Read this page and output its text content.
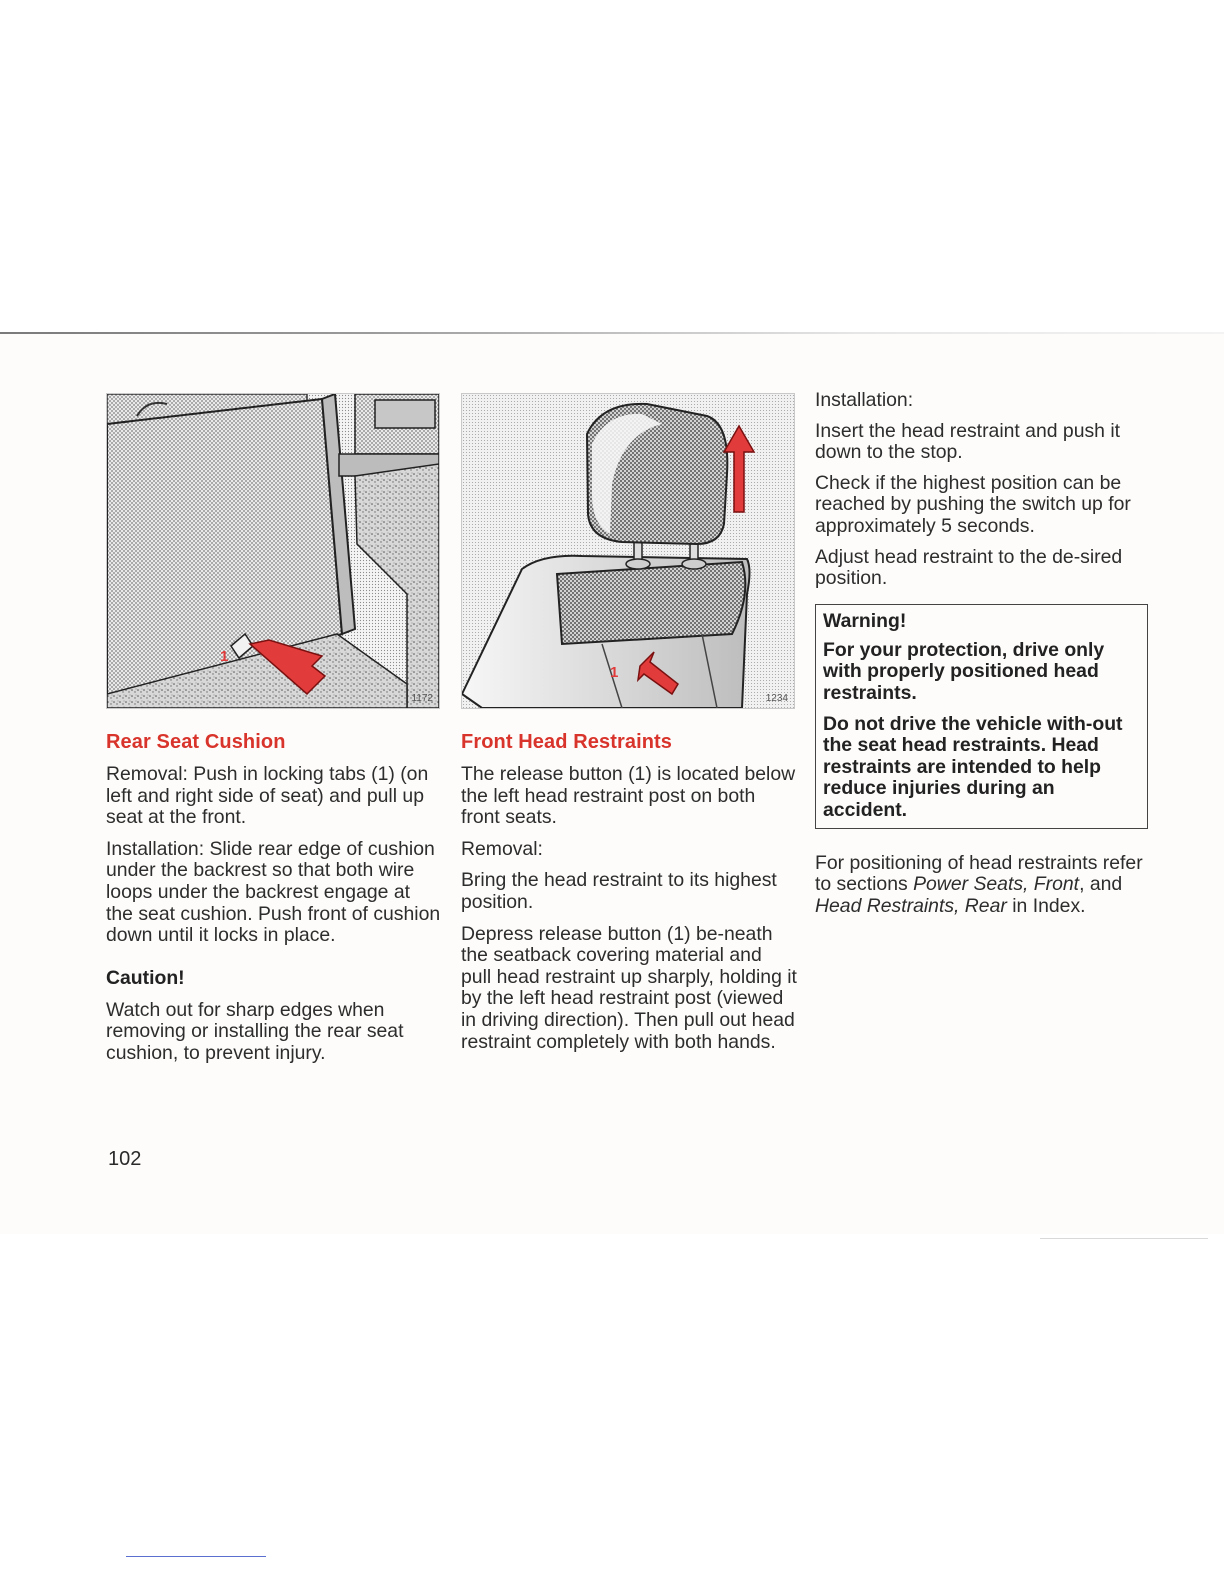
1
1172
Rear Seat Cushion

Removal: Push in locking tabs (1) (on left and right side of seat) and pull up seat at the front.

Installation: Slide rear edge of cushion under the backrest so that both wire loops under the backrest engage at the seat cushion. Push front of cushion down until it locks in place.

Caution!

Watch out for sharp edges when removing or installing the rear seat cushion, to prevent injury.

1
1234
Front Head Restraints

The release button (1) is located below the left head restraint post on both front seats.

Removal:

Bring the head restraint to its highest position.

Depress release button (1) be-neath the seatback covering material and pull head restraint up sharply, holding it by the left head restraint post (viewed in driving direction). Then pull out head restraint completely with both hands.

Installation:

Insert the head restraint and push it down to the stop.

Check if the highest position can be reached by pushing the switch up for approximately 5 seconds.

Adjust head restraint to the de-sired position.

Warning!

For your protection, drive only with properly positioned head restraints.

Do not drive the vehicle with-out the seat head restraints. Head restraints are intended to help reduce injuries during an accident.

For positioning of head restraints refer to sections Power Seats, Front, and Head Restraints, Rear in Index.

102
